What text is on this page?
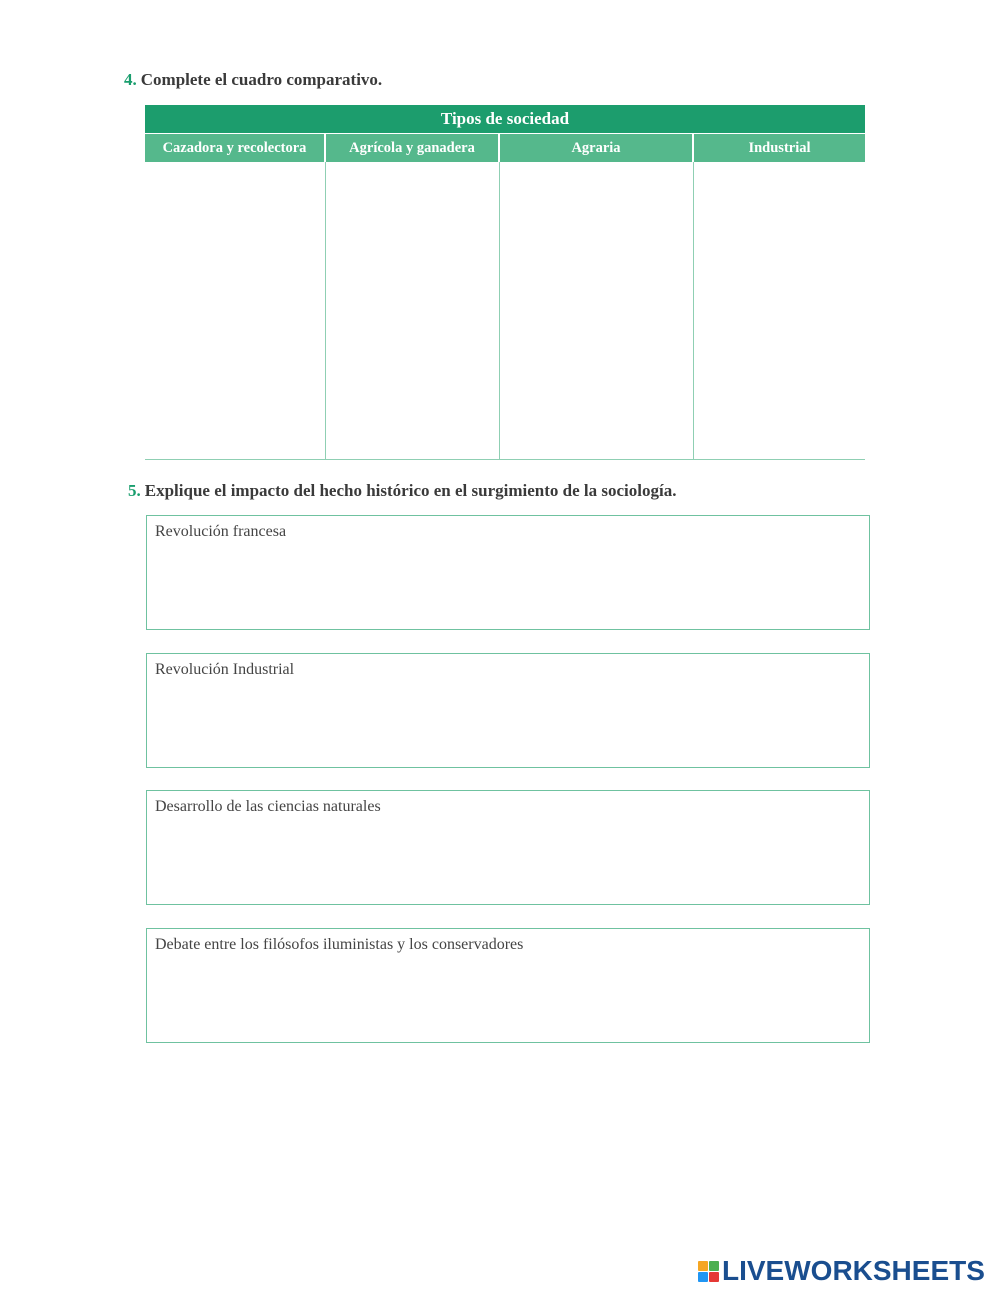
4. Complete el cuadro comparativo.
Tipos de sociedad
Cazadora y recolectora	Agrícola y ganadera	Agraria	Industrial
5. Explique el impacto del hecho histórico en el surgimiento de la sociología.
Revolución francesa
Revolución Industrial
Desarrollo de las ciencias naturales
Debate entre los filósofos iluministas y los conservadores
LIVEWORKSHEETS
